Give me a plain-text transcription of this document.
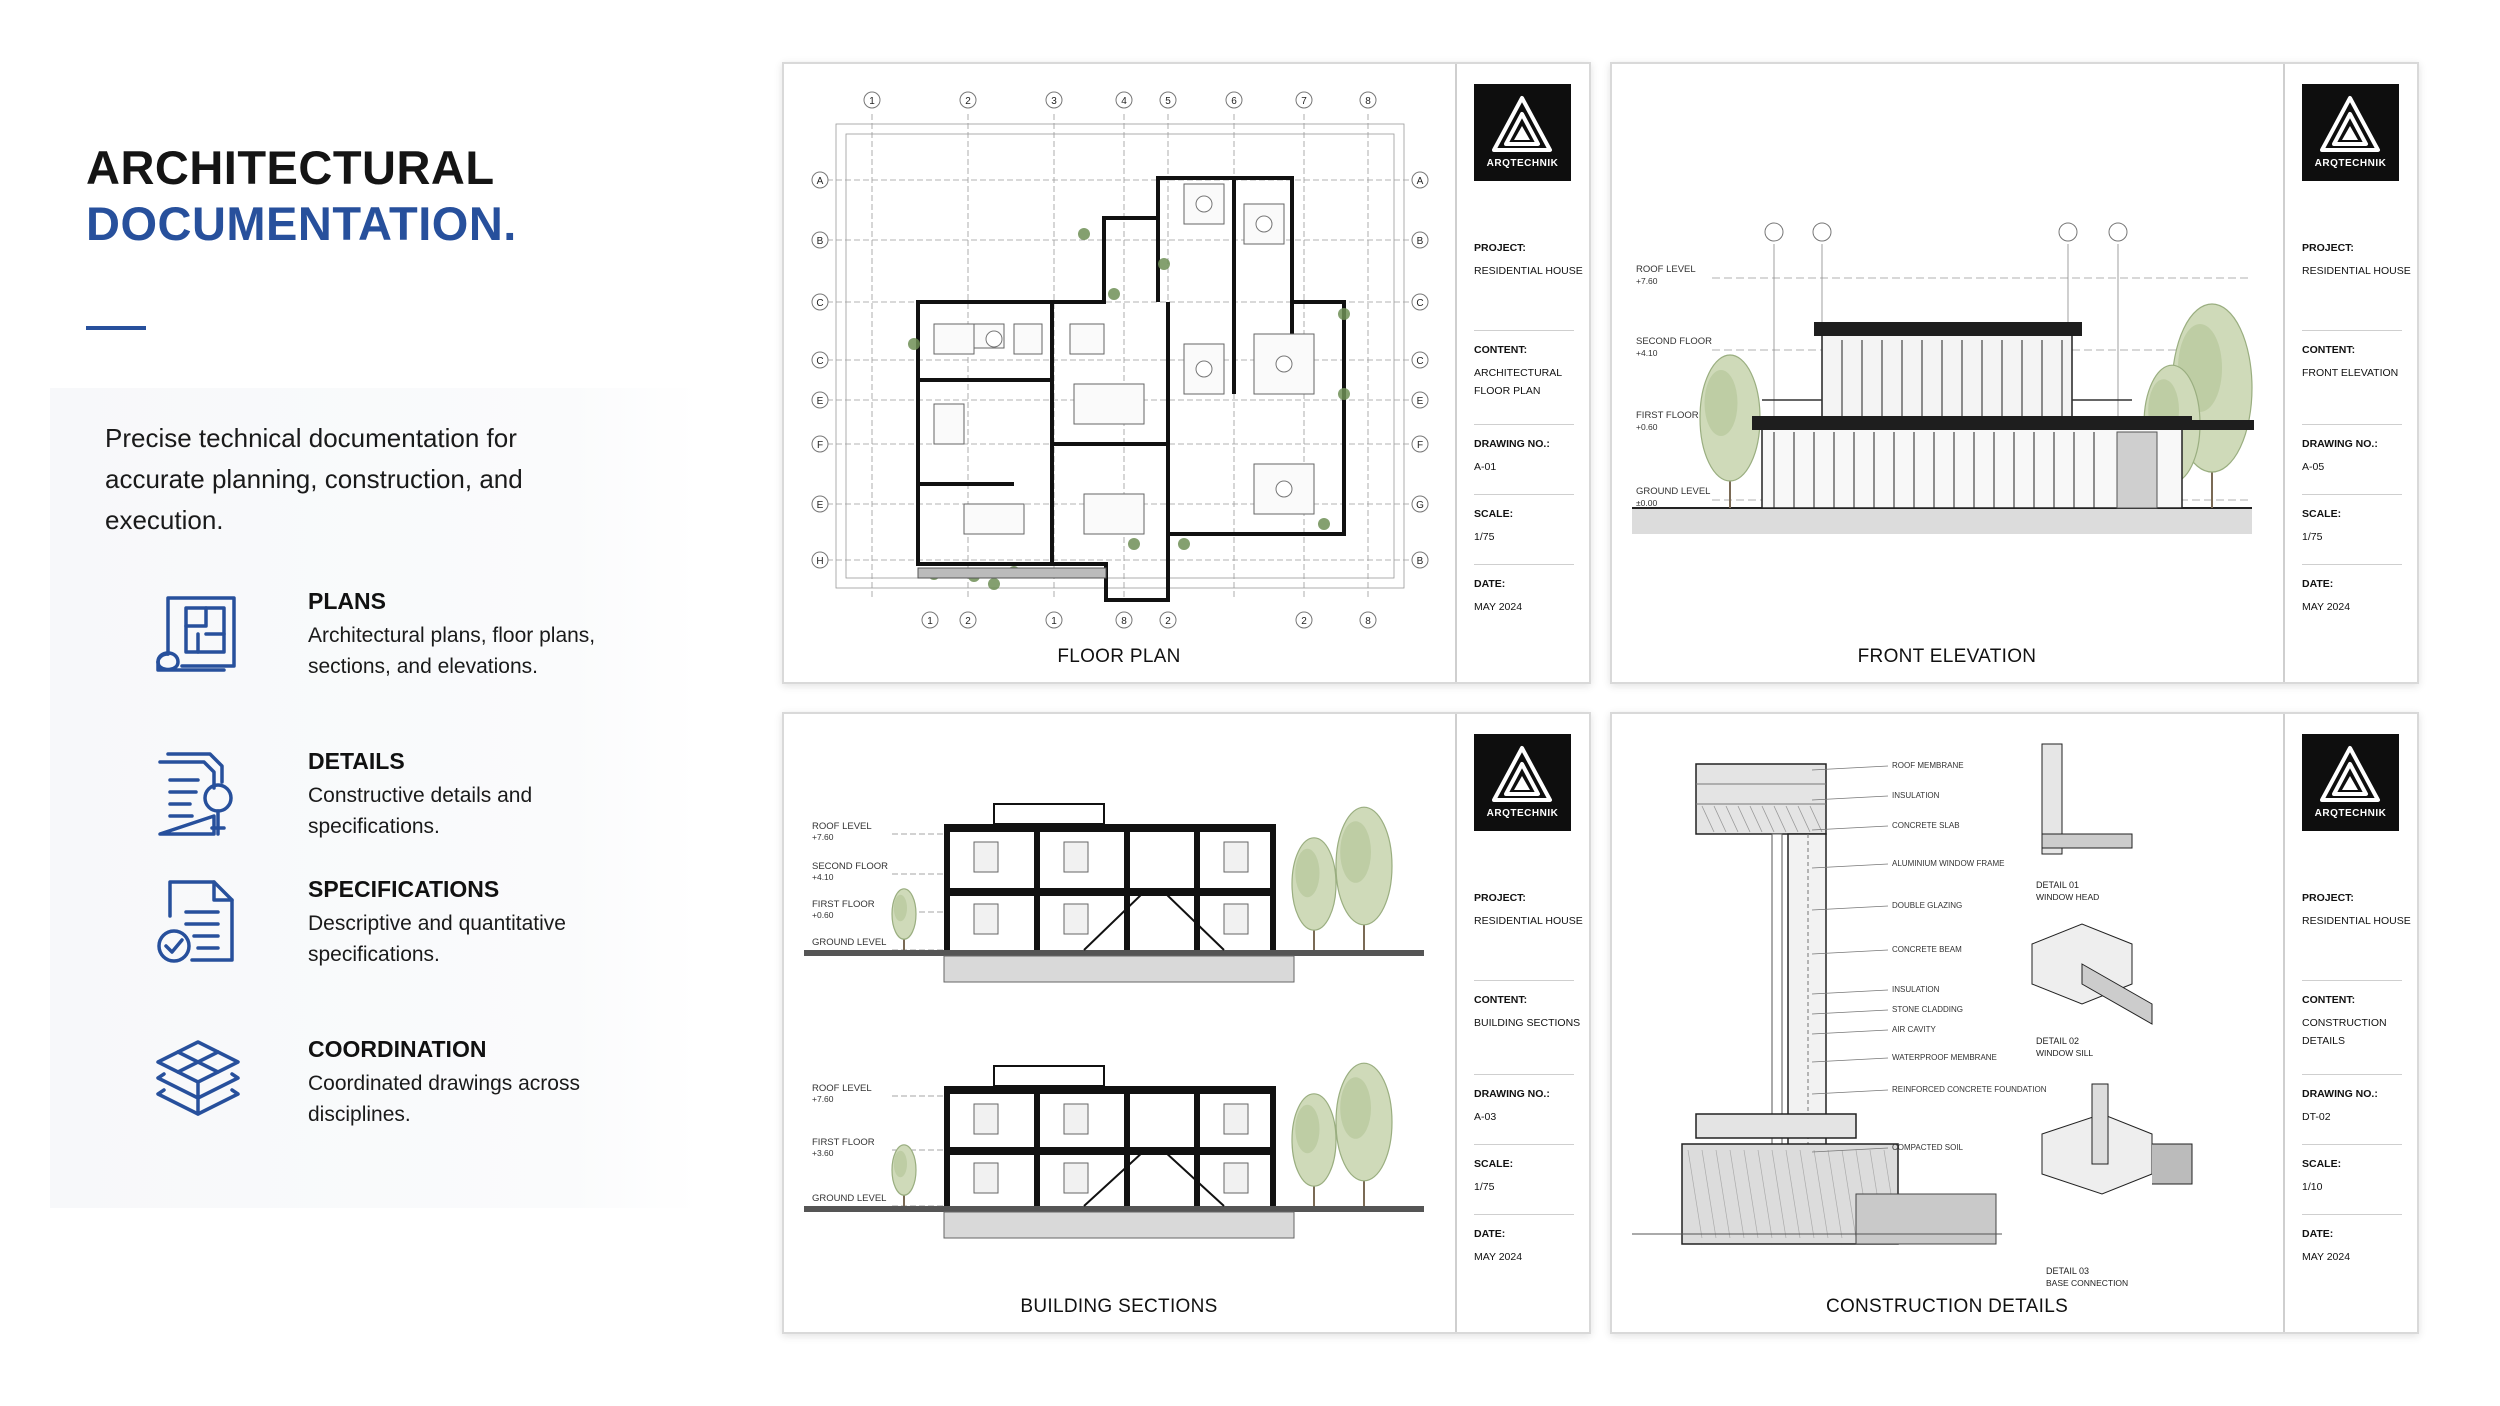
ARCHITECTURAL
DOCUMENTATION.

Precise technical documentation for accurate planning, construction, and execution.

PLANS

Architectural plans, floor plans, sections, and elevations.

DETAILS

Constructive details and specifications.

SPECIFICATIONS

Descriptive and quantitative specifications.

COORDINATION

Coordinated drawings across disciplines.

1	2	3	4	5	6	7	8
1	2	1	8	2	2	8
A	A
B	B
C	C
C	C
E	E
F	F
E	G
H	B
ARQTECHNIK
PROJECT:
RESIDENTIAL HOUSE
CONTENT:
ARCHITECTURAL FLOOR PLAN
DRAWING NO.:
A-01
SCALE:
1/75
DATE:
MAY 2024
FLOOR PLAN
ROOF LEVEL
+7.60
SECOND FLOOR
+4.10
FIRST FLOOR
+0.60
GROUND LEVEL
±0.00
ARQTECHNIK
PROJECT:
RESIDENTIAL HOUSE
CONTENT:
FRONT ELEVATION
DRAWING NO.:
A-05
SCALE:
1/75
DATE:
MAY 2024
FRONT ELEVATION
ROOF LEVEL
+7.60
SECOND FLOOR
+4.10
FIRST FLOOR
+0.60
GROUND LEVEL
ROOF LEVEL
+7.60
FIRST FLOOR
+3.60
GROUND LEVEL
ARQTECHNIK
PROJECT:
RESIDENTIAL HOUSE
CONTENT:
BUILDING SECTIONS
DRAWING NO.:
A-03
SCALE:
1/75
DATE:
MAY 2024
BUILDING SECTIONS
ROOF MEMBRANE
INSULATION
CONCRETE SLAB
ALUMINIUM WINDOW FRAME
DOUBLE GLAZING
CONCRETE BEAM
INSULATION
STONE CLADDING
AIR CAVITY
WATERPROOF MEMBRANE
REINFORCED CONCRETE FOUNDATION
COMPACTED SOIL
DETAIL 01
WINDOW HEAD
DETAIL 02
WINDOW SILL
DETAIL 03
BASE CONNECTION
ARQTECHNIK
PROJECT:
RESIDENTIAL HOUSE
CONTENT:
CONSTRUCTION DETAILS
DRAWING NO.:
DT-02
SCALE:
1/10
DATE:
MAY 2024
CONSTRUCTION DETAILS
